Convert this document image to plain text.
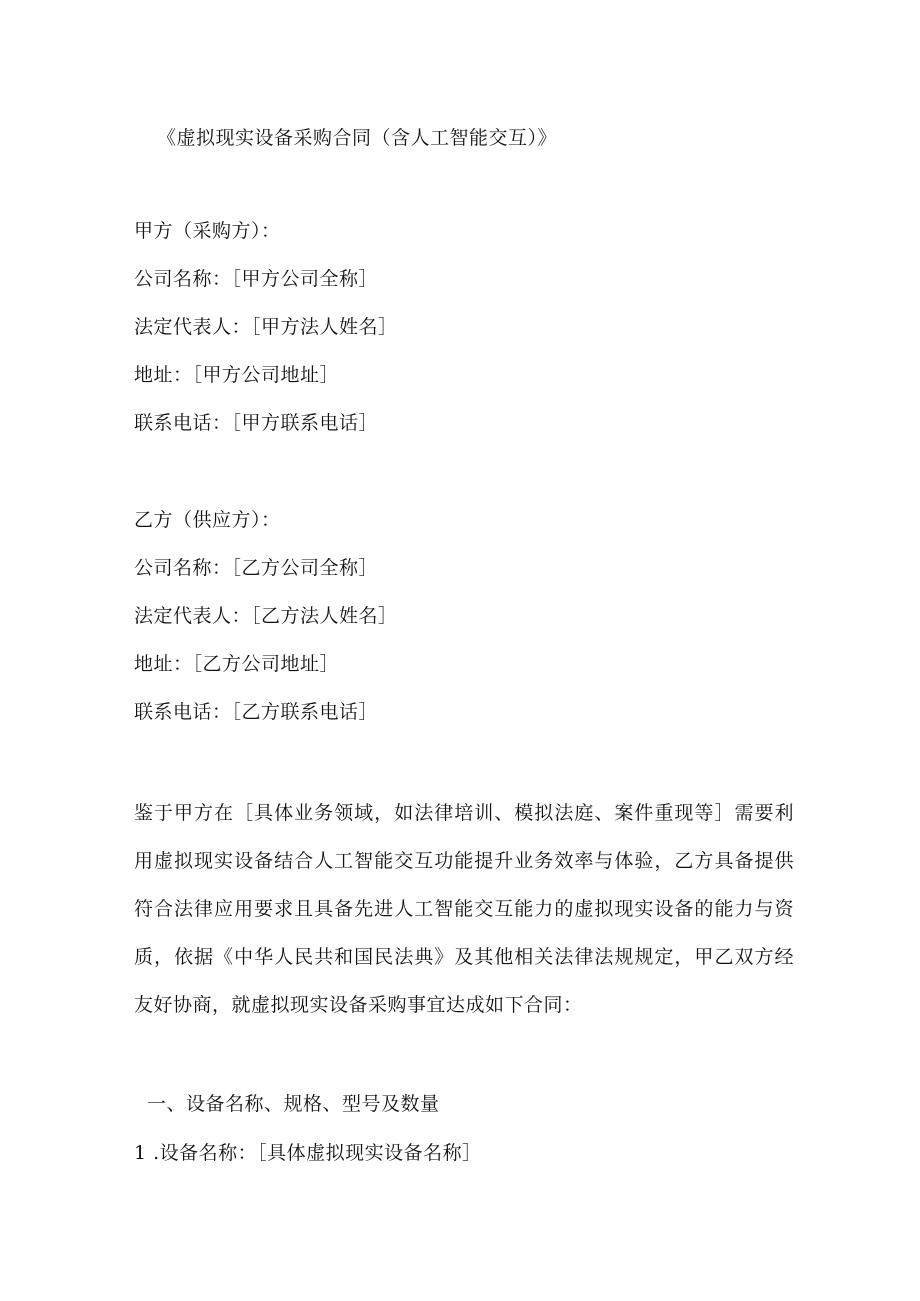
《虚拟现实设备采购合同（含人工智能交互）》
甲方（采购方）：
公司名称：［甲方公司全称］
法定代表人：［甲方法人姓名］
地址：［甲方公司地址］
联系电话：［甲方联系电话］
乙方（供应方）：
公司名称：［乙方公司全称］
法定代表人：［乙方法人姓名］
地址：［乙方公司地址］
联系电话：［乙方联系电话］
鉴于甲方在［具体业务领域，如法律培训、模拟法庭、案件重现等］需要利用虚拟现实设备结合人工智能交互功能提升业务效率与体验，乙方具备提供符合法律应用要求且具备先进人工智能交互能力的虚拟现实设备的能力与资质，依据《中华人民共和国民法典》及其他相关法律法规规定，甲乙双方经友好协商，就虚拟现实设备采购事宜达成如下合同：
一、设备名称、规格、型号及数量
1 .设备名称：［具体虚拟现实设备名称］
